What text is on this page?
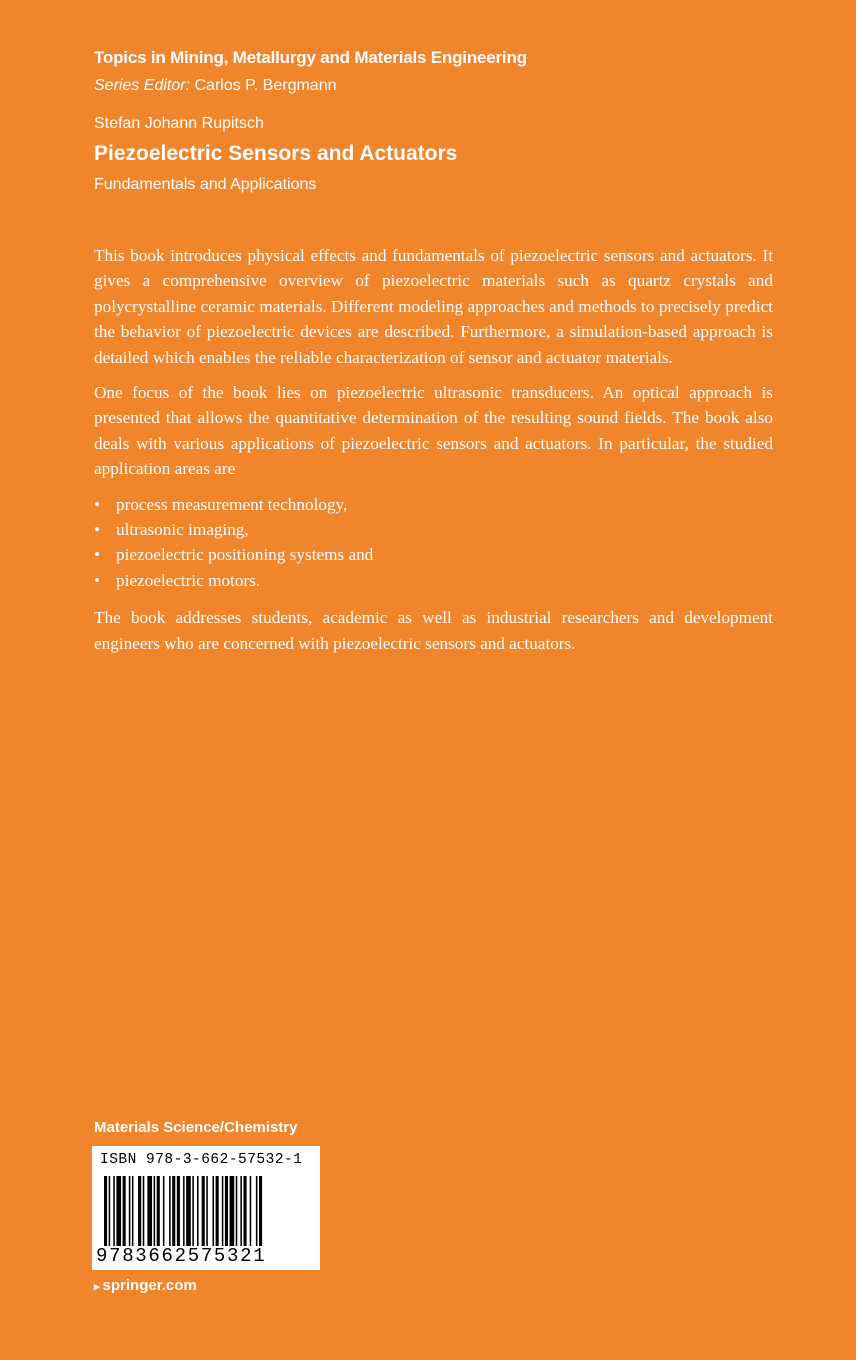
Topics in Mining, Metallurgy and Materials Engineering
Series Editor: Carlos P. Bergmann
Stefan Johann Rupitsch
Piezoelectric Sensors and Actuators
Fundamentals and Applications

This book introduces physical effects and fundamentals of piezoelectric sensors and actuators. It gives a comprehensive overview of piezoelectric materials such as quartz crystals and polycrystalline ceramic materials. Different modeling approaches and methods to precisely predict the behavior of piezoelectric devices are described. Furthermore, a simulation-based approach is detailed which enables the reliable characterization of sensor and actuator materials.

One focus of the book lies on piezoelectric ultrasonic transducers. An optical approach is presented that allows the quantitative determination of the resulting sound fields. The book also deals with various applications of piezoelectric sensors and actuators. In particular, the studied application areas are

• process measurement technology,
• ultrasonic imaging,
• piezoelectric positioning systems and
• piezoelectric motors.

The book addresses students, academic as well as industrial researchers and development engineers who are concerned with piezoelectric sensors and actuators.

Materials Science/Chemistry
ISBN 978-3-662-57532-1
9783662575321
▸ springer.com
